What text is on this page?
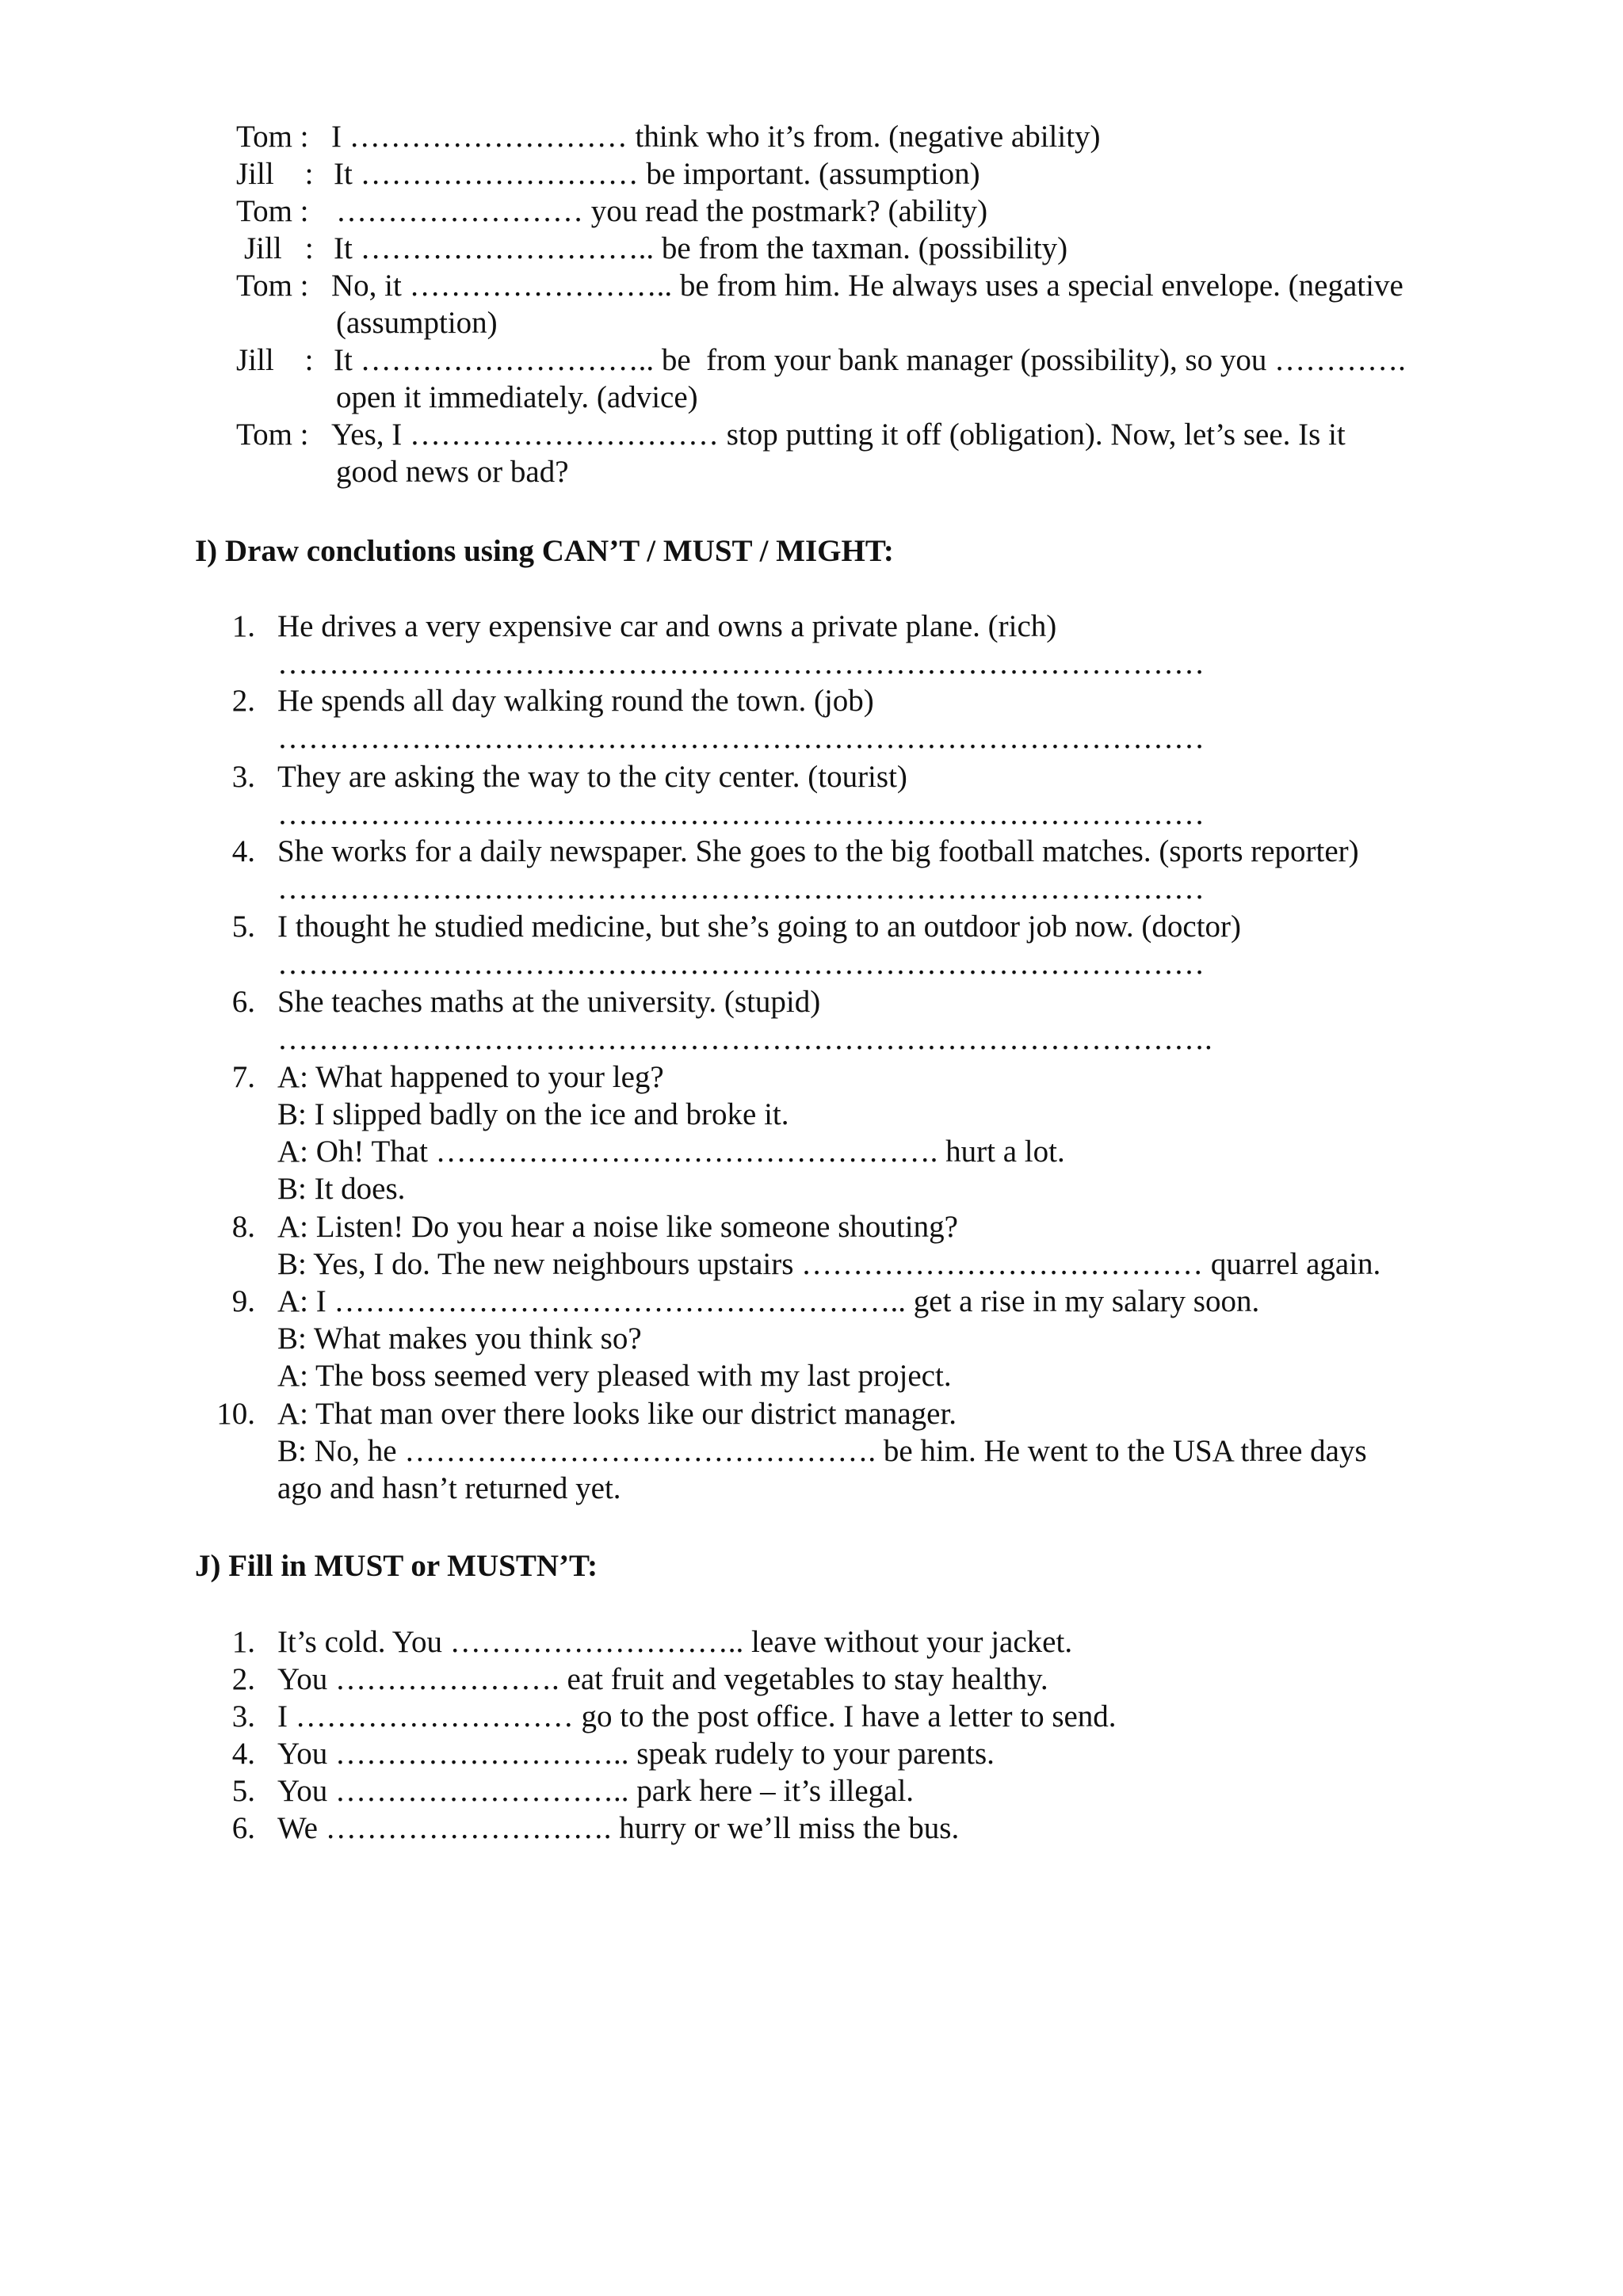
Tom : I ……………………… think who it’s from. (negative ability)
Jill    : It ……………………… be important. (assumption)
Tom : …………………… you read the postmark? (ability)
Jill   : It ……………………….. be from the taxman. (possibility)
Tom : No, it …………………….. be from him. He always uses a special envelope. (negative
(assumption)
Jill    : It ……………………….. be  from your bank manager (possibility), so you ………….
open it immediately. (advice)
Tom : Yes, I ………………………… stop putting it off (obligation). Now, let’s see. Is it
good news or bad?
I) Draw conclutions using CAN’T / MUST / MIGHT:
1. He drives a very expensive car and owns a private plane. (rich)
………………………………………………………………………………
2. He spends all day walking round the town. (job)
………………………………………………………………………………
3. They are asking the way to the city center. (tourist)
………………………………………………………………………………
4. She works for a daily newspaper. She goes to the big football matches. (sports reporter)
………………………………………………………………………………
5. I thought he studied medicine, but she’s going to an outdoor job now. (doctor)
………………………………………………………………………………
6. She teaches maths at the university. (stupid)
……………………………………………………………………………….
7. A: What happened to your leg?
B: I slipped badly on the ice and broke it.
A: Oh! That …………………………………………. hurt a lot.
B: It does.
8. A: Listen! Do you hear a noise like someone shouting?
B: Yes, I do. The new neighbours upstairs ………………………………… quarrel again.
9. A: I ……………………………………………….. get a rise in my salary soon.
B: What makes you think so?
A: The boss seemed very pleased with my last project.
10. A: That man over there looks like our district manager.
B: No, he ………………………………………. be him. He went to the USA three days
ago and hasn’t returned yet.
J) Fill in MUST or MUSTN’T:
1. It’s cold. You ……………………….. leave without your jacket.
2. You …………………. eat fruit and vegetables to stay healthy.
3. I ……………………… go to the post office. I have a letter to send.
4. You ……………………….. speak rudely to your parents.
5. You ……………………….. park here – it’s illegal.
6. We ………………………. hurry or we’ll miss the bus.
